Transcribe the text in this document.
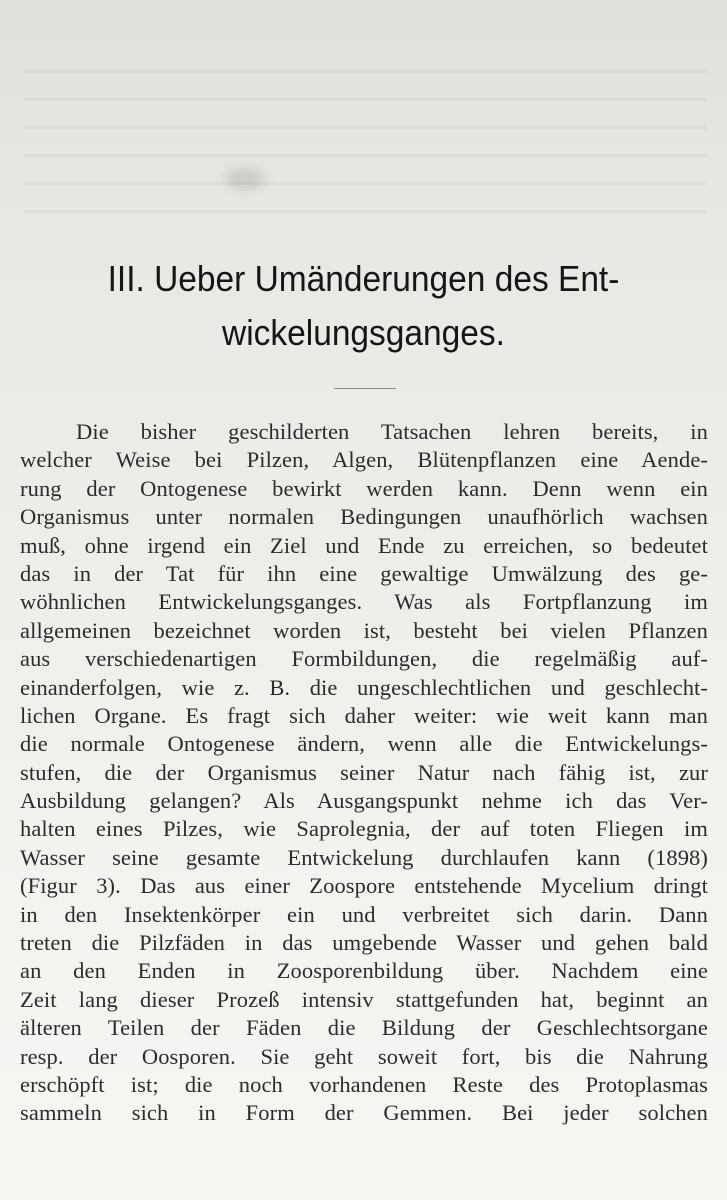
III. Ueber Umänderungen des Ent-
wickelungsganges.
Die bisher geschilderten Tatsachen lehren bereits, in
welcher Weise bei Pilzen, Algen, Blütenpflanzen eine Aende-
rung der Ontogenese bewirkt werden kann. Denn wenn ein
Organismus unter normalen Bedingungen unaufhörlich wachsen
muß, ohne irgend ein Ziel und Ende zu erreichen, so bedeutet
das in der Tat für ihn eine gewaltige Umwälzung des ge-
wöhnlichen Entwickelungsganges. Was als Fortpflanzung im
allgemeinen bezeichnet worden ist, besteht bei vielen Pflanzen
aus verschiedenartigen Formbildungen, die regelmäßig auf-
einanderfolgen, wie z. B. die ungeschlechtlichen und geschlecht-
lichen Organe. Es fragt sich daher weiter: wie weit kann man
die normale Ontogenese ändern, wenn alle die Entwickelungs-
stufen, die der Organismus seiner Natur nach fähig ist, zur
Ausbildung gelangen? Als Ausgangspunkt nehme ich das Ver-
halten eines Pilzes, wie Saprolegnia, der auf toten Fliegen im
Wasser seine gesamte Entwickelung durchlaufen kann (1898)
(Figur 3). Das aus einer Zoospore entstehende Mycelium dringt
in den Insektenkörper ein und verbreitet sich darin. Dann
treten die Pilzfäden in das umgebende Wasser und gehen bald
an den Enden in Zoosporenbildung über. Nachdem eine
Zeit lang dieser Prozeß intensiv stattgefunden hat, beginnt an
älteren Teilen der Fäden die Bildung der Geschlechtsorgane
resp. der Oosporen. Sie geht soweit fort, bis die Nahrung
erschöpft ist; die noch vorhandenen Reste des Protoplasmas
sammeln sich in Form der Gemmen. Bei jeder solchen
